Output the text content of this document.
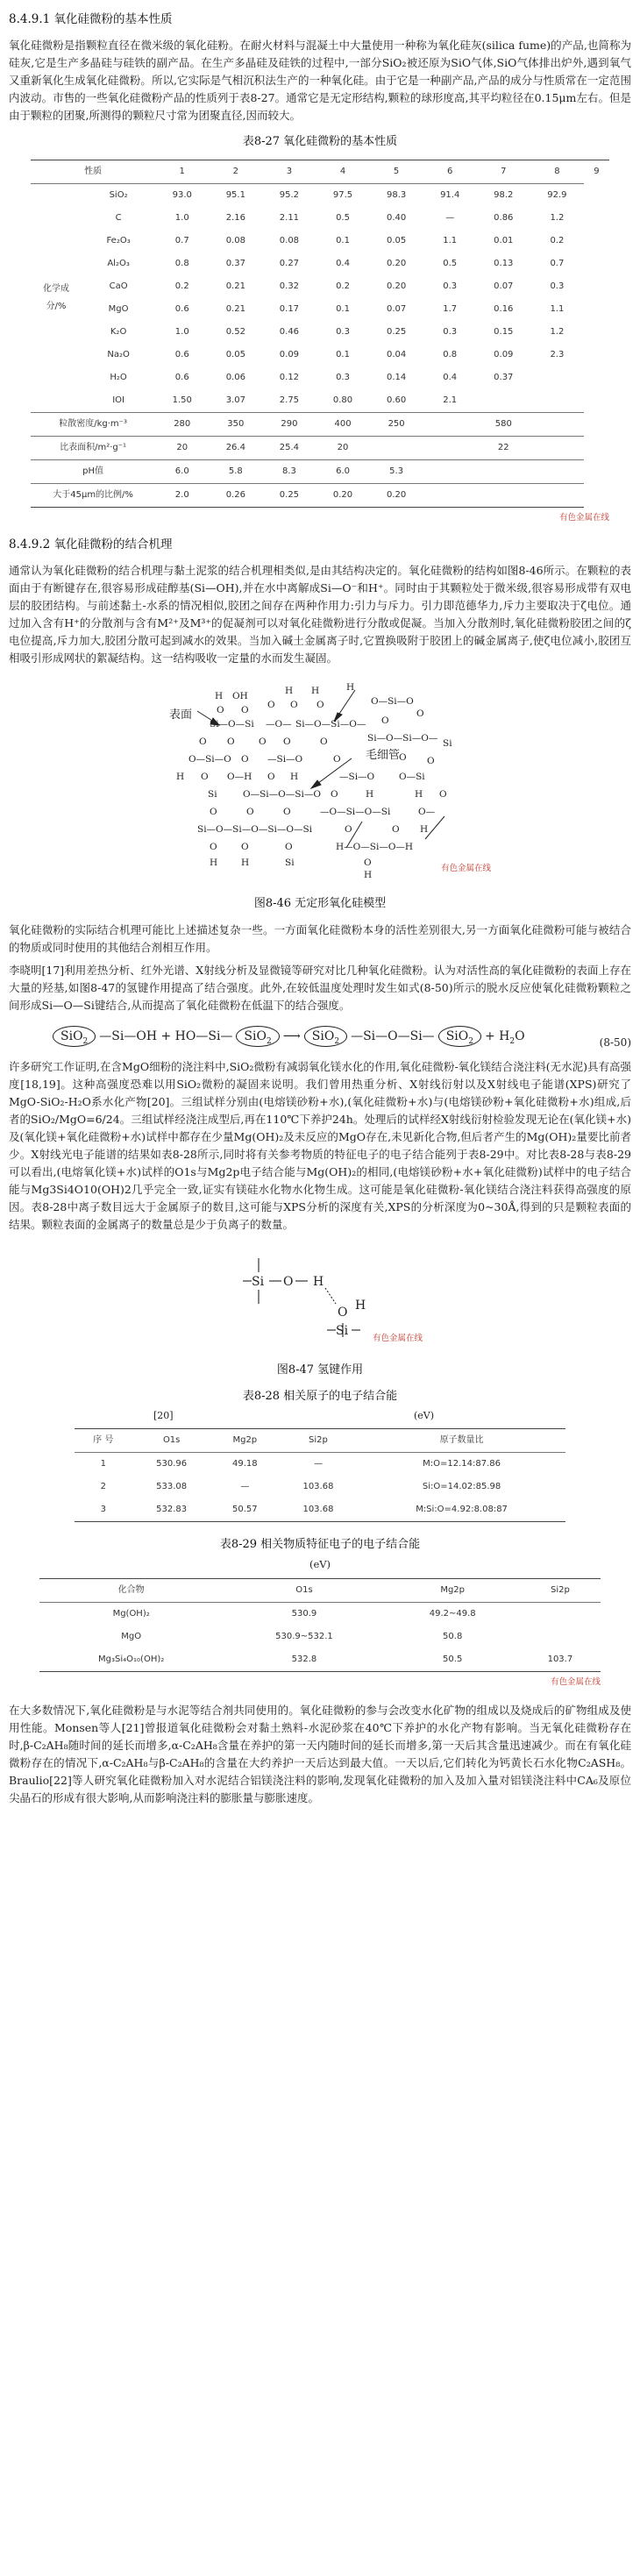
8.4.9.1 氧化硅微粉的基本性质

氧化硅微粉是指颗粒直径在微米级的氧化硅粉。在耐火材料与混凝土中大量使用一种称为氧化硅灰(silica fume)的产品,也简称为硅灰,它是生产多晶硅与硅铁的副产品。在生产多晶硅及硅铁的过程中,一部分SiO₂被还原为SiO气体,SiO气体排出炉外,遇到氧气又重新氧化生成氧化硅微粉。所以,它实际是气相沉积法生产的一种氧化硅。由于它是一种副产品,产品的成分与性质常在一定范围内波动。市售的一些氧化硅微粉产品的性质列于表8-27。通常它是无定形结构,颗粒的球形度高,其平均粒径在0.15μm左右。但是由于颗粒的团聚,所测得的颗粒尺寸常为团聚直径,因而较大。

表8-27 氧化硅微粉的基本性质
性质		1	2	3	4	5	6	7	8	9
化学成分/%	SiO₂	93.0	95.1	95.2	97.5	98.3	91.4	98.2	92.9	
	C	1.0	2.16	2.11	0.5	0.40	—	0.86	1.2	
	Fe₂O₃	0.7	0.08	0.08	0.1	0.05	1.1	0.01	0.2	
	Al₂O₃	0.8	0.37	0.27	0.4	0.20	0.5	0.13	0.7	
	CaO	0.2	0.21	0.32	0.2	0.20	0.3	0.07	0.3	
	MgO	0.6	0.21	0.17	0.1	0.07	1.7	0.16	1.1	
	K₂O	1.0	0.52	0.46	0.3	0.25	0.3	0.15	1.2	
	Na₂O	0.6	0.05	0.09	0.1	0.04	0.8	0.09	2.3	
	H₂O	0.6	0.06	0.12	0.3	0.14	0.4	0.37		
	IOI	1.50	3.07	2.75	0.80	0.60	2.1			
粒散密度/kg·m⁻³		280	350	290	400	250		580		
比表面积/m²·g⁻¹		20	26.4	25.4	20			22		
pH值		6.0	5.8	8.3	6.0	5.3				
大于45μm的比例/%		2.0	0.26	0.25	0.20	0.20				
有色金属在线
8.4.9.2 氧化硅微粉的结合机理

通常认为氧化硅微粉的结合机理与黏土泥浆的结合机理相类似,是由其结构决定的。氧化硅微粉的结构如图8-46所示。在颗粒的表面由于有断键存在,很容易形成硅醇基(Si—OH),并在水中离解成Si—O⁻和H⁺。同时由于其颗粒处于微米级,很容易形成带有双电层的胶团结构。与前述黏土-水系的情况相似,胶团之间存在两种作用力:引力与斥力。引力即范德华力,斥力主要取决于ζ电位。通过加入含有H⁺的分散剂与含有M²⁺及M³⁺的促凝剂可以对氧化硅微粉进行分散或促凝。当加入分散剂时,氧化硅微粉胶团之间的ζ电位提高,斥力加大,胶团分散可起到减水的效果。当加入碱土金属离子时,它置换吸附于胶团上的碱金属离子,使ζ电位减小,胶团互相吸引形成网状的絮凝结构。这一结构吸收一定量的水而发生凝固。

表面
毛细管
H OH	H H	H
O O O O O	O—Si—O
Si—O—Si —O— Si—O—Si—O— O
O
O O	O O	O	Si—O—Si—O— Si
O—Si—O O —Si—O	O	O O
H O O—H O H	—Si—O	O—Si
Si	O—Si—O—Si—O O	H	H O
O	O	O	—O—Si—O—Si	O—
Si—O—Si—O—Si—O—Si	O	O H
O	O	O	H—O—Si—O—H
H	H	Si	O
H
有色金属在线
图8-46 无定形氧化硅模型

氧化硅微粉的实际结合机理可能比上述描述复杂一些。一方面氧化硅微粉本身的活性差别很大,另一方面氧化硅微粉可能与被结合的物质或同时使用的其他结合剂相互作用。

李晓明[17]利用差热分析、红外光谱、X射线分析及显微镜等研究对比几种氧化硅微粉。认为对活性高的氧化硅微粉的表面上存在大量的羟基,如图8-47的氢键作用提高了结合强度。此外,在较低温度处理时发生如式(8-50)所示的脱水反应使氧化硅微粉颗粒之间形成Si—O—Si键结合,从而提高了氧化硅微粉在低温下的结合强度。

SiO$_2$ —Si—OH + HO—Si— SiO$_2$ ⟶ SiO$_2$ —Si—O—Si— $SiO_2 + H_2O$	(8-50)

许多研究工作证明,在含MgO细粉的浇注料中,SiO₂微粉有减弱氧化镁水化的作用,氧化硅微粉-氧化镁结合浇注料(无水泥)具有高强度[18,19]。这种高强度恐难以用SiO₂微粉的凝固来说明。我们曾用热重分析、X射线衍射以及X射线电子能谱(XPS)研究了MgO-SiO₂-H₂O系水化产物[20]。三组试样分别由(电熔镁砂粉+水),(氧化硅微粉+水)与(电熔镁砂粉+氧化硅微粉+水)组成,后者的SiO₂/MgO=6/24。三组试样经浇注成型后,再在110℃下养护24h。处理后的试样经X射线衍射检验发现无论在(氧化镁+水)及(氧化镁+氧化硅微粉+水)试样中都存在少量Mg(OH)₂及未反应的MgO存在,未见新化合物,但后者产生的Mg(OH)₂量要比前者少。X射线光电子能谱的结果如表8-28所示,同时将有关参考物质的特征电子的电子结合能列于表8-29中。对比表8-28与表8-29可以看出,(电熔氧化镁+水)试样的O1s与Mg2p电子结合能与Mg(OH)₂的相同,(电熔镁砂粉+水+氧化硅微粉)试样中的电子结合能与Mg3Si4O10(OH)2几乎完全一致,证实有镁硅水化物水化物生成。这可能是氧化硅微粉-氧化镁结合浇注料获得高强度的原因。表8-28中离子数目远大于金属原子的数目,这可能与XPS分析的深度有关,XPS的分析深度为0~30Å,得到的只是颗粒表面的结果。颗粒表面的金属离子的数量总是少于负离子的数量。

Si O H
O H
Si
有色金属在线
图8-47 氢键作用
表8-28 相关原子的电子结合能
[20]	(eV)
序 号	O1s	Mg2p	Si2p	原子数量比
1	530.96	49.18	—	M:O=12.14:87.86
2	533.08	—	103.68	Si:O=14.02:85.98
3	532.83	50.57	103.68	M:Si:O=4.92:8.08:87
表8-29 相关物质特征电子的电子结合能
(eV)
化合物	O1s	Mg2p	Si2p
Mg(OH)₂	530.9	49.2~49.8	
MgO	530.9~532.1	50.8	
Mg₃Si₄O₁₀(OH)₂	532.8	50.5	103.7
有色金属在线

在大多数情况下,氧化硅微粉是与水泥等结合剂共同使用的。氧化硅微粉的参与会改变水化矿物的组成以及烧成后的矿物组成及使用性能。Monsen等人[21]曾报道氧化硅微粉会对黏土熟料-水泥砂浆在40℃下养护的水化产物有影响。当无氧化硅微粉存在时,β-C₂AH₈随时间的延长而增多,α-C₂AH₈含量在养护的第一天内随时间的延长而增多,第一天后其含量迅速减少。而在有氧化硅微粉存在的情况下,α-C₂AH₈与β-C₂AH₈的含量在大约养护一天后达到最大值。一天以后,它们转化为钙黄长石水化物C₂ASH₈。Braulio[22]等人研究氧化硅微粉加入对水泥结合铝镁浇注料的影响,发现氧化硅微粉的加入及加入量对铝镁浇注料中CA₆及原位尖晶石的形成有很大影响,从而影响浇注料的膨胀量与膨胀速度。
